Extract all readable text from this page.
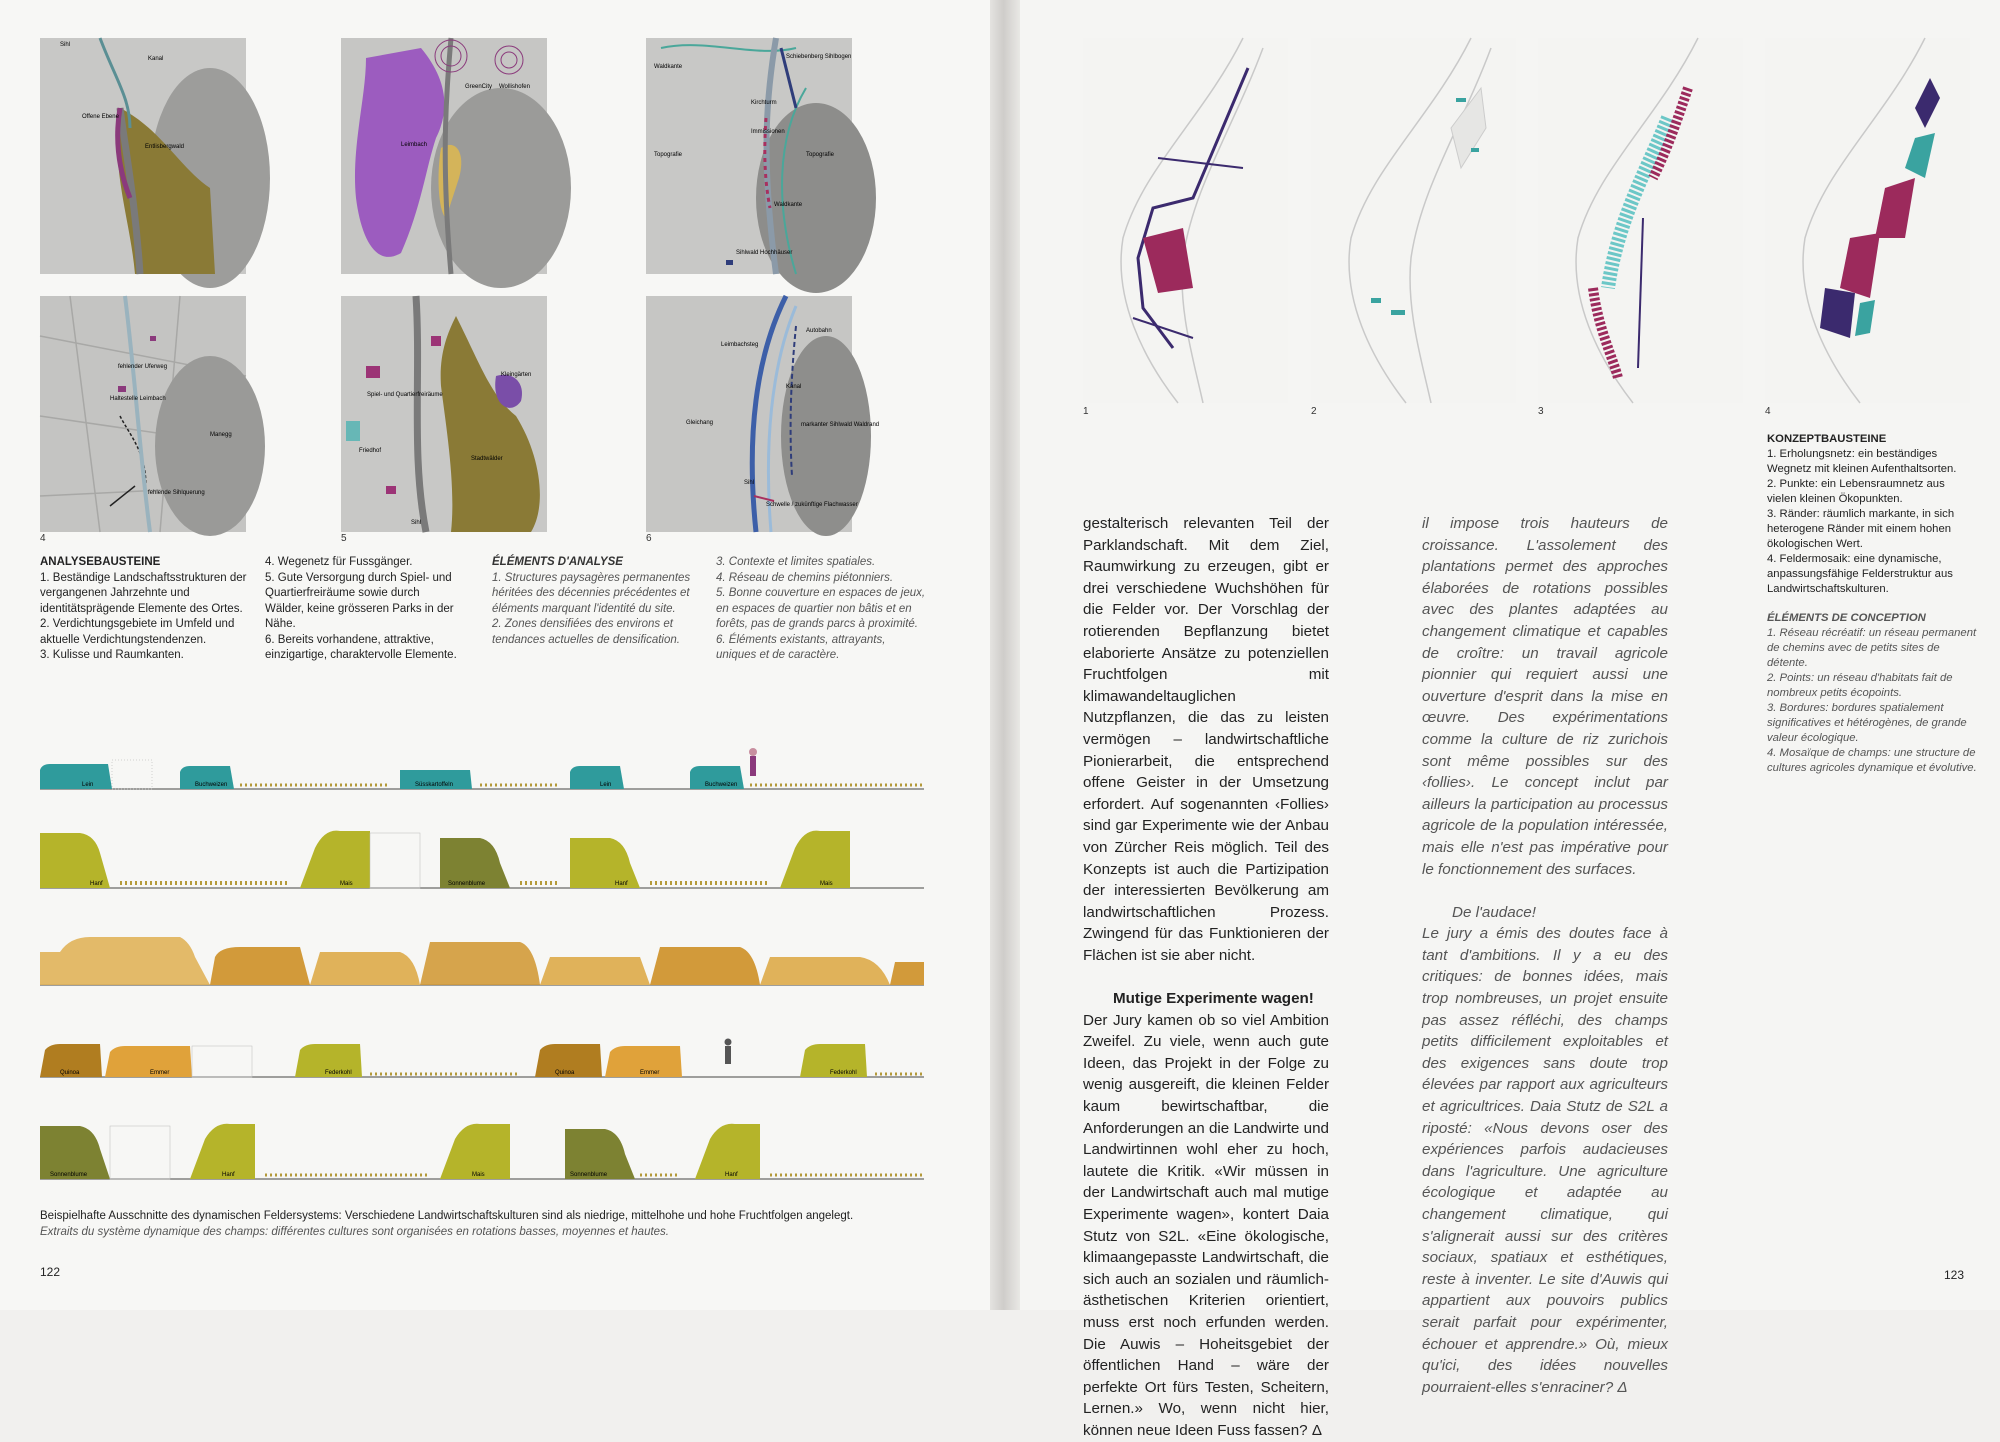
Sihl
Kanal
Offene Ebene
Entlisbergwald	Leimbach
GreenCity Wollishofen
Waldkante
Schiebenberg Sihlbogen
Kirchturm
Immissionen
Topografie	Topografie
Waldkante
Sihlwald Hochhäuser
fehlender Uferweg
Haltestelle Leimbach
Manegg
fehlende Sihlquerung
4
Spiel- und Quartierfreiräume
Kleingärten
Friedhof
Sihl
Stadtwälder
5
Leimbachsteg
Kanal
Autobahn
markanter Sihlwald Waldrand
Gleichang
Sihl
Schwelle / zukünftige Flachwasser
6

ANALYSEBAUSTEINE

1. Beständige Landschaftsstrukturen der vergangenen Jahrzehnte und identitätsprägende Elemente des Ortes.

2. Verdichtungsgebiete im Umfeld und aktuelle Verdichtungstendenzen.

3. Kulisse und Raumkanten.

4. Wegenetz für Fussgänger.

5. Gute Versorgung durch Spiel- und Quartierfreiräume sowie durch Wälder, keine grösseren Parks in der Nähe.

6. Bereits vorhandene, attraktive, einzigartige, charaktervolle Elemente.

ÉLÉMENTS D'ANALYSE

1. Structures paysagères permanentes héritées des décennies précédentes et éléments marquant l'identité du site.

2. Zones densifiées des environs et tendances actuelles de densification.

3. Contexte et limites spatiales.

4. Réseau de chemins piétonniers.

5. Bonne couverture en espaces de jeux, en espaces de quartier non bâtis et en forêts, pas de grands parcs à proximité.

6. Éléments existants, attrayants, uniques et de caractère.

Lein	Buchweizen	Süsskartoffeln	Lein	Buchweizen
Hanf	Mais	Sonnenblume	Hanf	Mais
Quinoa	Emmer	Federkohl	Quinoa	Emmer	Federkohl
Sonnenblume	Hanf	Mais	Sonnenblume	Hanf
Beispielhafte Ausschnitte des dynamischen Feldersystems: Verschiedene Landwirtschaftskulturen sind als niedrige, mittelhohe und hohe Fruchtfolgen angelegt.
Extraits du système dynamique des champs: différentes cultures sont organisées en rotations basses, moyennes et hautes.
122
1	2	3	4

gestalterisch relevanten Teil der Parklandschaft. Mit dem Ziel, Raumwirkung zu erzeugen, gibt er drei verschiedene Wuchshöhen für die Felder vor. Der Vorschlag der rotierenden Bepflanzung bietet elaborierte Ansätze zu potenziellen Fruchtfolgen mit klimawandeltauglichen Nutzpflanzen, die das zu leisten vermögen – landwirtschaftliche Pionierarbeit, die entsprechend offene Geister in der Umsetzung erfordert. Auf sogenannten ‹Follies› sind gar Experimente wie der Anbau von Zürcher Reis möglich. Teil des Konzepts ist auch die Partizipation der interessierten Bevölkerung am landwirtschaftlichen Prozess. Zwingend für das Funktionieren der Flächen ist sie aber nicht.

Mutige Experimente wagen!

Der Jury kamen ob so viel Ambition Zweifel. Zu viele, wenn auch gute Ideen, das Projekt in der Folge zu wenig ausgereift, die kleinen Felder kaum bewirtschaftbar, die Anforderungen an die Landwirte und Landwirtinnen wohl eher zu hoch, lautete die Kritik. «Wir müssen in der Landwirtschaft auch mal mutige Experimente wagen», kontert Daia Stutz von S2L. «Eine ökologische, klimaangepasste Landwirtschaft, die sich auch an sozialen und räumlich-ästhetischen Kriterien orientiert, muss erst noch erfunden werden. Die Auwis – Hoheitsgebiet der öffentlichen Hand – wäre der perfekte Ort fürs Testen, Scheitern, Lernen.» Wo, wenn nicht hier, können neue Ideen Fuss fassen? Δ

il impose trois hauteurs de croissance. L'assolement des plantations permet des approches élaborées de rotations possibles avec des plantes adaptées au changement climatique et capables de croître: un travail agricole pionnier qui requiert aussi une ouverture d'esprit dans la mise en œuvre. Des expérimentations comme la culture de riz zurichois sont même possibles sur des ‹follies›. Le concept inclut par ailleurs la participation au processus agricole de la population intéressée, mais elle n'est pas impérative pour le fonctionnement des surfaces.

De l'audace!

Le jury a émis des doutes face à tant d'ambitions. Il y a eu des critiques: de bonnes idées, mais trop nombreuses, un projet ensuite pas assez réfléchi, des champs petits difficilement exploitables et des exigences sans doute trop élevées par rapport aux agriculteurs et agricultrices. Daia Stutz de S2L a riposté: «Nous devons oser des expériences parfois audacieuses dans l'agriculture. Une agriculture écologique et adaptée au changement climatique, qui s'alignerait aussi sur des critères sociaux, spatiaux et esthétiques, reste à inventer. Le site d'Auwis qui appartient aux pouvoirs publics serait parfait pour expérimenter, échouer et apprendre.» Où, mieux qu'ici, des idées nouvelles pourraient-elles s'enraciner? Δ

KONZEPTBAUSTEINE
1. Erholungsnetz: ein beständiges Wegnetz mit kleinen Aufenthaltsorten.
2. Punkte: ein Lebensraumnetz aus vielen kleinen Ökopunkten.
3. Ränder: räumlich markante, in sich heterogene Ränder mit einem hohen ökologischen Wert.
4. Feldermosaik: eine dynamische, anpassungsfähige Felderstruktur aus Landwirtschaftskulturen.
ÉLÉMENTS DE CONCEPTION
1. Réseau récréatif: un réseau permanent de chemins avec de petits sites de détente.
2. Points: un réseau d'habitats fait de nombreux petits écopoints.
3. Bordures: bordures spatialement significatives et hétérogènes, de grande valeur écologique.
4. Mosaïque de champs: une structure de cultures agricoles dynamique et évolutive.
123
